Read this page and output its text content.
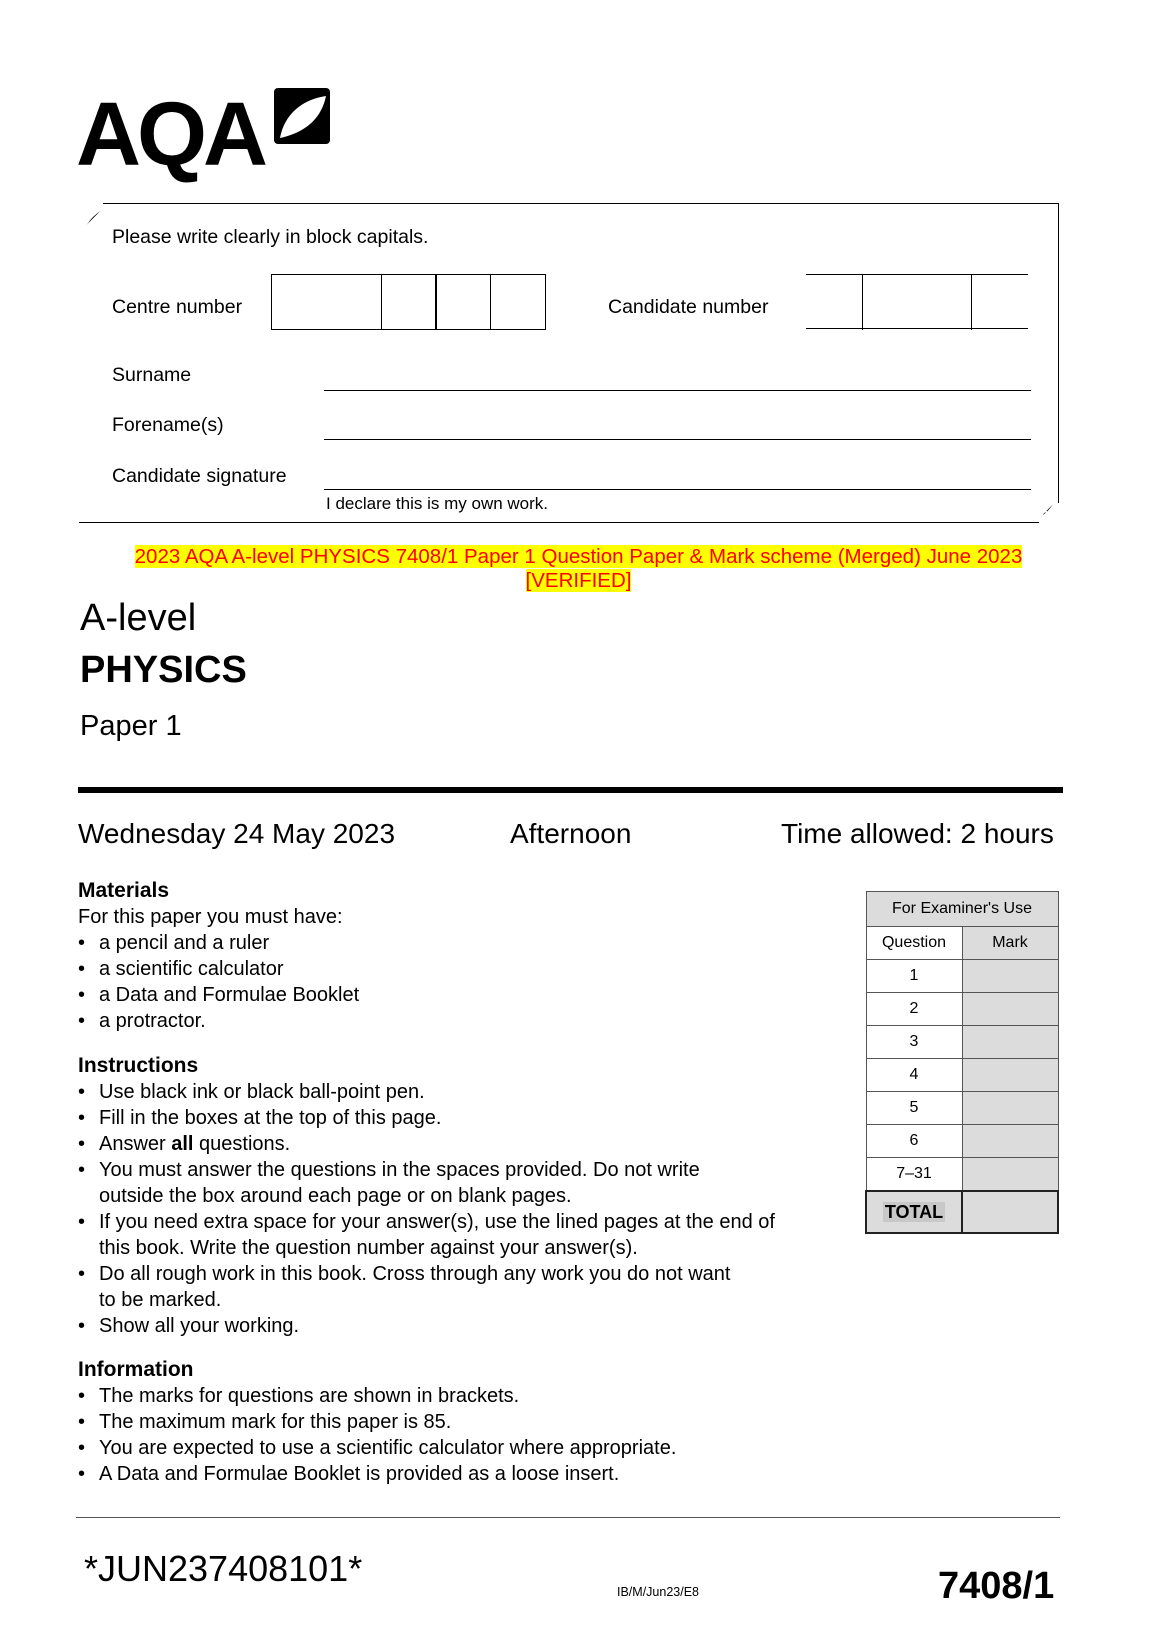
AQA
Please write clearly in block capitals.
Centre number	Candidate number
Surname
Forename(s)
Candidate signature
I declare this is my own work.
2023 AQA A-level PHYSICS 7408/1 Paper 1 Question Paper & Mark scheme (Merged) June 2023
[VERIFIED]
A-level
PHYSICS
Paper 1
Wednesday 24 May 2023	Afternoon	Time allowed: 2 hours
Materials
For this paper you must have:
• a pencil and a ruler
• a scientific calculator
• a Data and Formulae Booklet
• a protractor.
Instructions
• Use black ink or black ball-point pen.
• Fill in the boxes at the top of this page.
• Answer all questions.
• You must answer the questions in the spaces provided. Do not write
outside the box around each page or on blank pages.
• If you need extra space for your answer(s), use the lined pages at the end of
this book. Write the question number against your answer(s).
• Do all rough work in this book. Cross through any work you do not want
to be marked.
• Show all your working.
Information
• The marks for questions are shown in brackets.
• The maximum mark for this paper is 85.
• You are expected to use a scientific calculator where appropriate.
• A Data and Formulae Booklet is provided as a loose insert.
For Examiner's Use	
Question	Mark
1	
2	
3	
4	
5	
6	
7–31	
TOTAL	
*JUN237408101*
IB/M/Jun23/E8	7408/1
